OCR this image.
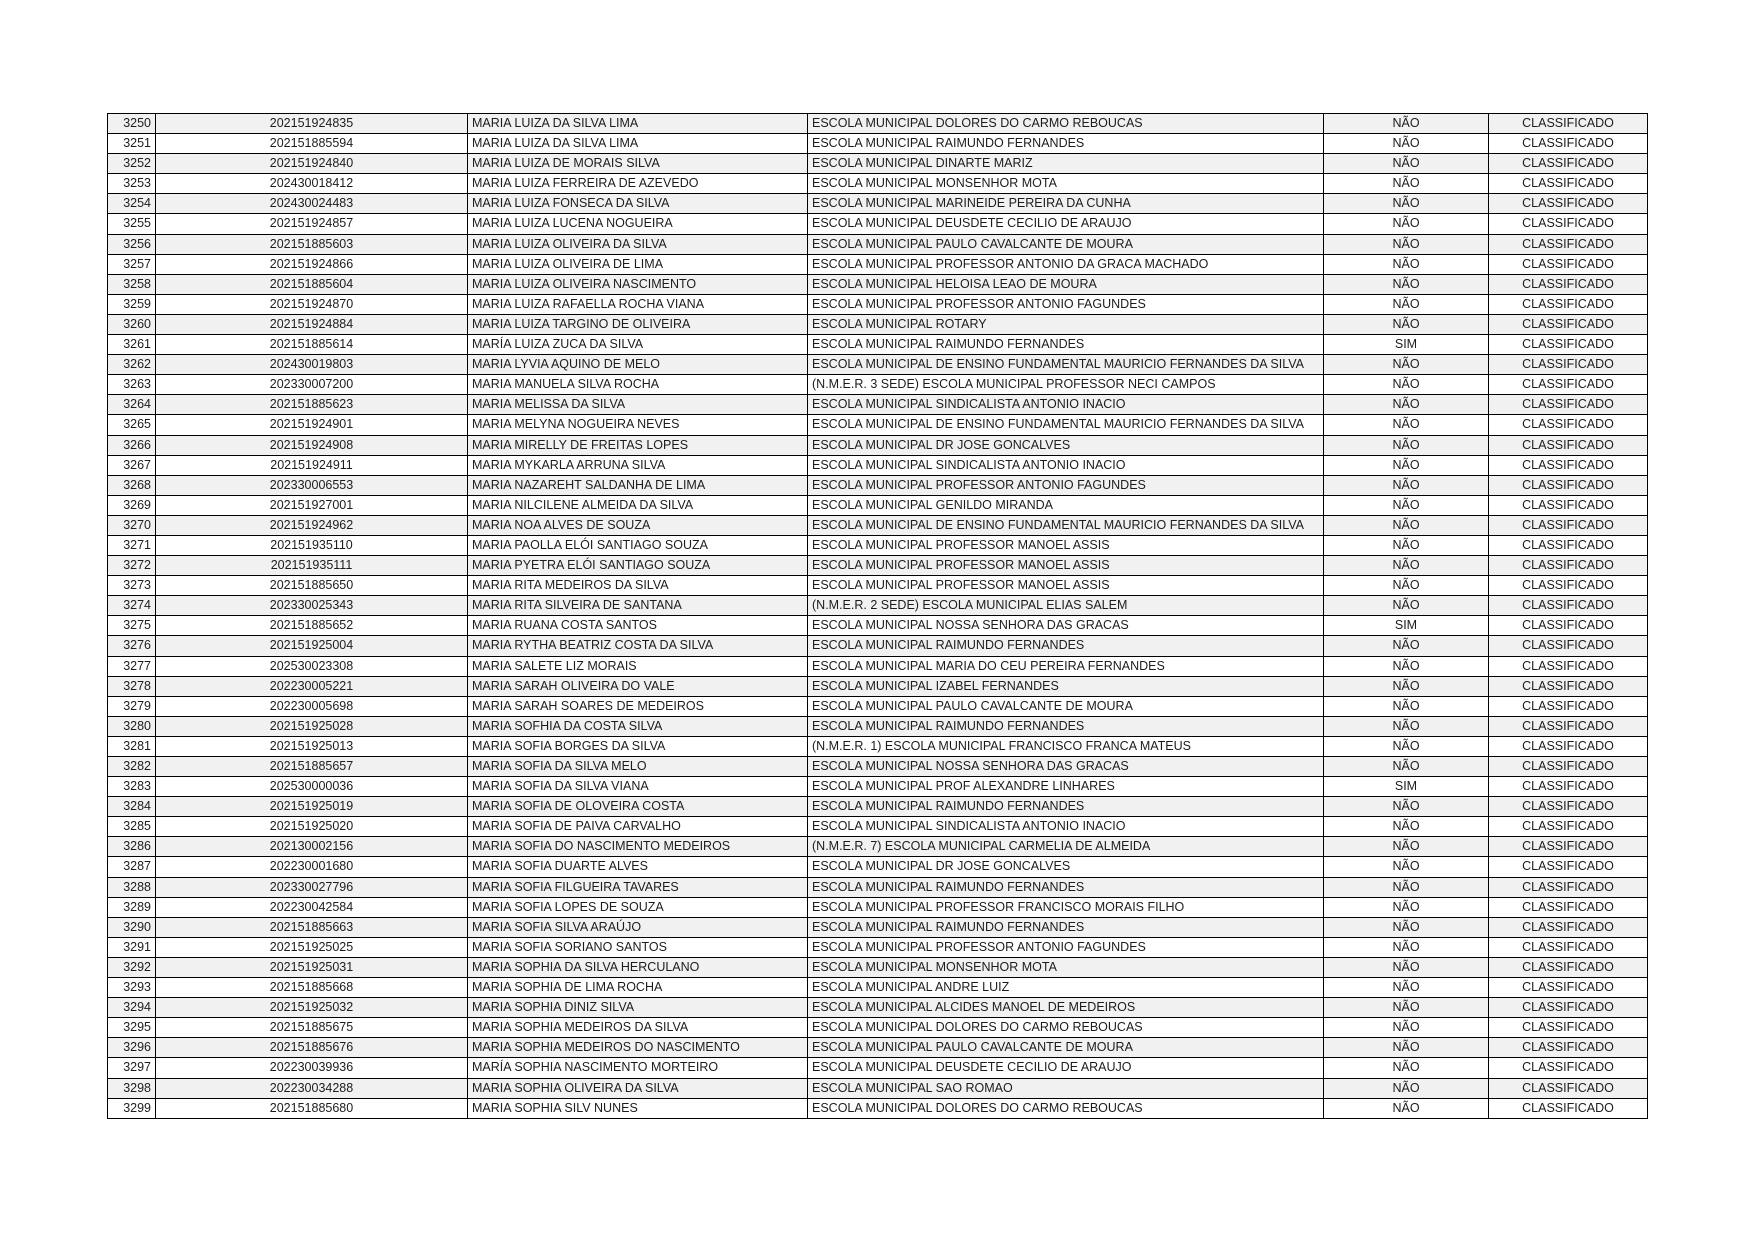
3250	202151924835	MARIA LUIZA DA SILVA LIMA	ESCOLA MUNICIPAL DOLORES DO CARMO REBOUCAS	NÃO	CLASSIFICADO
3251	202151885594	MARIA LUIZA DA SILVA LIMA	ESCOLA MUNICIPAL RAIMUNDO FERNANDES	NÃO	CLASSIFICADO
3252	202151924840	MARIA LUIZA DE MORAIS SILVA	ESCOLA MUNICIPAL DINARTE MARIZ	NÃO	CLASSIFICADO
3253	202430018412	MARIA LUIZA FERREIRA DE AZEVEDO	ESCOLA MUNICIPAL MONSENHOR MOTA	NÃO	CLASSIFICADO
3254	202430024483	MARIA LUIZA FONSECA DA SILVA	ESCOLA MUNICIPAL MARINEIDE PEREIRA DA CUNHA	NÃO	CLASSIFICADO
3255	202151924857	MARIA LUIZA LUCENA NOGUEIRA	ESCOLA MUNICIPAL DEUSDETE CECILIO DE ARAUJO	NÃO	CLASSIFICADO
3256	202151885603	MARIA LUIZA OLIVEIRA DA SILVA	ESCOLA MUNICIPAL PAULO CAVALCANTE DE MOURA	NÃO	CLASSIFICADO
3257	202151924866	MARIA LUIZA OLIVEIRA DE LIMA	ESCOLA MUNICIPAL PROFESSOR ANTONIO DA GRACA MACHADO	NÃO	CLASSIFICADO
3258	202151885604	MARIA LUIZA OLIVEIRA NASCIMENTO	ESCOLA MUNICIPAL HELOISA LEAO DE MOURA	NÃO	CLASSIFICADO
3259	202151924870	MARIA LUIZA RAFAELLA ROCHA VIANA	ESCOLA MUNICIPAL PROFESSOR ANTONIO FAGUNDES	NÃO	CLASSIFICADO
3260	202151924884	MARIA LUIZA TARGINO DE OLIVEIRA	ESCOLA MUNICIPAL ROTARY	NÃO	CLASSIFICADO
3261	202151885614	MARÍA LUIZA ZUCA DA SILVA	ESCOLA MUNICIPAL RAIMUNDO FERNANDES	SIM	CLASSIFICADO
3262	202430019803	MARIA LYVIA AQUINO DE MELO	ESCOLA MUNICIPAL DE ENSINO FUNDAMENTAL MAURICIO FERNANDES DA SILVA	NÃO	CLASSIFICADO
3263	202330007200	MARIA MANUELA SILVA ROCHA	(N.M.E.R. 3 SEDE) ESCOLA MUNICIPAL PROFESSOR NECI CAMPOS	NÃO	CLASSIFICADO
3264	202151885623	MARIA MELISSA DA SILVA	ESCOLA MUNICIPAL SINDICALISTA ANTONIO INACIO	NÃO	CLASSIFICADO
3265	202151924901	MARIA MELYNA NOGUEIRA NEVES	ESCOLA MUNICIPAL DE ENSINO FUNDAMENTAL MAURICIO FERNANDES DA SILVA	NÃO	CLASSIFICADO
3266	202151924908	MARIA MIRELLY DE FREITAS LOPES	ESCOLA MUNICIPAL DR JOSE GONCALVES	NÃO	CLASSIFICADO
3267	202151924911	MARIA MYKARLA ARRUNA SILVA	ESCOLA MUNICIPAL SINDICALISTA ANTONIO INACIO	NÃO	CLASSIFICADO
3268	202330006553	MARIA NAZAREHT SALDANHA DE LIMA	ESCOLA MUNICIPAL PROFESSOR ANTONIO FAGUNDES	NÃO	CLASSIFICADO
3269	202151927001	MARIA NILCILENE ALMEIDA DA SILVA	ESCOLA MUNICIPAL GENILDO MIRANDA	NÃO	CLASSIFICADO
3270	202151924962	MARIA NOA ALVES DE SOUZA	ESCOLA MUNICIPAL DE ENSINO FUNDAMENTAL MAURICIO FERNANDES DA SILVA	NÃO	CLASSIFICADO
3271	202151935110	MARIA PAOLLA ELÓI SANTIAGO SOUZA	ESCOLA MUNICIPAL PROFESSOR MANOEL ASSIS	NÃO	CLASSIFICADO
3272	202151935111	MARIA PYETRA ELÓI SANTIAGO SOUZA	ESCOLA MUNICIPAL PROFESSOR MANOEL ASSIS	NÃO	CLASSIFICADO
3273	202151885650	MARIA RITA MEDEIROS DA SILVA	ESCOLA MUNICIPAL PROFESSOR MANOEL ASSIS	NÃO	CLASSIFICADO
3274	202330025343	MARIA RITA SILVEIRA DE SANTANA	(N.M.E.R. 2 SEDE) ESCOLA MUNICIPAL ELIAS SALEM	NÃO	CLASSIFICADO
3275	202151885652	MARIA RUANA COSTA SANTOS	ESCOLA MUNICIPAL NOSSA SENHORA DAS GRACAS	SIM	CLASSIFICADO
3276	202151925004	MARIA RYTHA BEATRIZ COSTA DA SILVA	ESCOLA MUNICIPAL RAIMUNDO FERNANDES	NÃO	CLASSIFICADO
3277	202530023308	MARIA SALETE LIZ MORAIS	ESCOLA MUNICIPAL MARIA DO CEU PEREIRA FERNANDES	NÃO	CLASSIFICADO
3278	202230005221	MARIA SARAH OLIVEIRA DO VALE	ESCOLA MUNICIPAL IZABEL FERNANDES	NÃO	CLASSIFICADO
3279	202230005698	MARIA SARAH SOARES DE MEDEIROS	ESCOLA MUNICIPAL PAULO CAVALCANTE DE MOURA	NÃO	CLASSIFICADO
3280	202151925028	MARIA SOFHIA DA COSTA SILVA	ESCOLA MUNICIPAL RAIMUNDO FERNANDES	NÃO	CLASSIFICADO
3281	202151925013	MARIA SOFIA BORGES DA SILVA	(N.M.E.R. 1) ESCOLA MUNICIPAL FRANCISCO FRANCA MATEUS	NÃO	CLASSIFICADO
3282	202151885657	MARIA SOFIA DA SILVA MELO	ESCOLA MUNICIPAL NOSSA SENHORA DAS GRACAS	NÃO	CLASSIFICADO
3283	202530000036	MARIA SOFIA DA SILVA VIANA	ESCOLA MUNICIPAL PROF ALEXANDRE LINHARES	SIM	CLASSIFICADO
3284	202151925019	MARIA SOFIA DE OLOVEIRA COSTA	ESCOLA MUNICIPAL RAIMUNDO FERNANDES	NÃO	CLASSIFICADO
3285	202151925020	MARIA SOFIA DE PAIVA CARVALHO	ESCOLA MUNICIPAL SINDICALISTA ANTONIO INACIO	NÃO	CLASSIFICADO
3286	202130002156	MARIA SOFIA DO NASCIMENTO MEDEIROS	(N.M.E.R. 7) ESCOLA MUNICIPAL CARMELIA DE ALMEIDA	NÃO	CLASSIFICADO
3287	202230001680	MARIA SOFIA DUARTE ALVES	ESCOLA MUNICIPAL DR JOSE GONCALVES	NÃO	CLASSIFICADO
3288	202330027796	MARIA SOFIA FILGUEIRA TAVARES	ESCOLA MUNICIPAL RAIMUNDO FERNANDES	NÃO	CLASSIFICADO
3289	202230042584	MARIA SOFIA LOPES DE SOUZA	ESCOLA MUNICIPAL PROFESSOR FRANCISCO MORAIS FILHO	NÃO	CLASSIFICADO
3290	202151885663	MARIA SOFIA SILVA ARAÚJO	ESCOLA MUNICIPAL RAIMUNDO FERNANDES	NÃO	CLASSIFICADO
3291	202151925025	MARIA SOFIA SORIANO SANTOS	ESCOLA MUNICIPAL PROFESSOR ANTONIO FAGUNDES	NÃO	CLASSIFICADO
3292	202151925031	MARIA SOPHIA DA SILVA HERCULANO	ESCOLA MUNICIPAL MONSENHOR MOTA	NÃO	CLASSIFICADO
3293	202151885668	MARIA SOPHIA DE LIMA ROCHA	ESCOLA MUNICIPAL ANDRE LUIZ	NÃO	CLASSIFICADO
3294	202151925032	MARIA SOPHIA DINIZ SILVA	ESCOLA MUNICIPAL ALCIDES MANOEL DE MEDEIROS	NÃO	CLASSIFICADO
3295	202151885675	MARIA SOPHIA MEDEIROS DA SILVA	ESCOLA MUNICIPAL DOLORES DO CARMO REBOUCAS	NÃO	CLASSIFICADO
3296	202151885676	MARIA SOPHIA MEDEIROS DO NASCIMENTO	ESCOLA MUNICIPAL PAULO CAVALCANTE DE MOURA	NÃO	CLASSIFICADO
3297	202230039936	MARÍA SOPHIA NASCIMENTO MORTEIRO	ESCOLA MUNICIPAL DEUSDETE CECILIO DE ARAUJO	NÃO	CLASSIFICADO
3298	202230034288	MARIA SOPHIA OLIVEIRA DA SILVA	ESCOLA MUNICIPAL SAO ROMAO	NÃO	CLASSIFICADO
3299	202151885680	MARIA SOPHIA SILV NUNES	ESCOLA MUNICIPAL DOLORES DO CARMO REBOUCAS	NÃO	CLASSIFICADO
